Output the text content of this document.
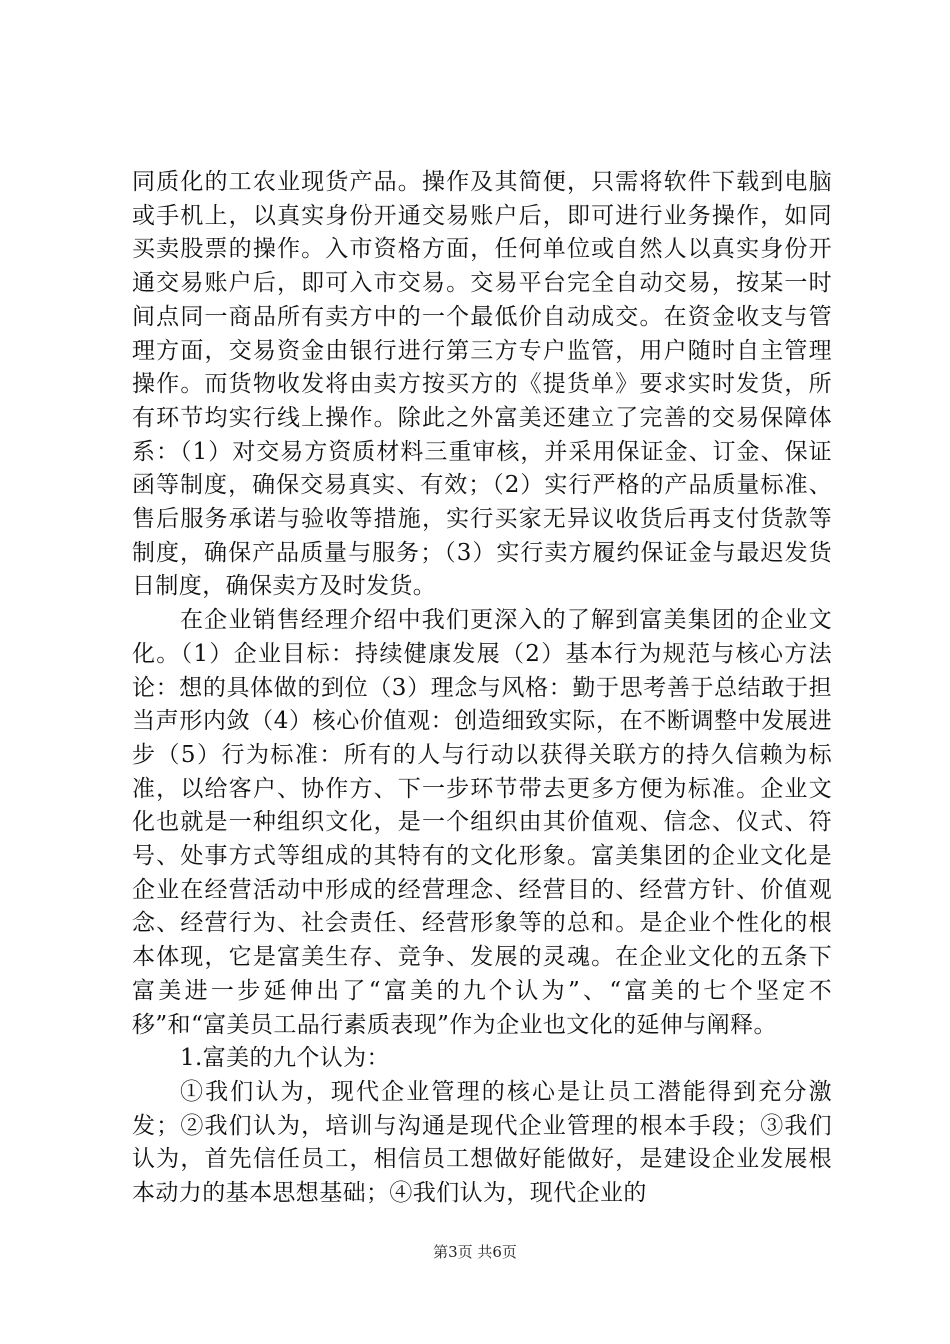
同质化的工农业现货产品。操作及其简便，只需将软件下载到电脑或手机上，以真实身份开通交易账户后，即可进行业务操作，如同买卖股票的操作。入市资格方面，任何单位或自然人以真实身份开通交易账户后，即可入市交易。交易平台完全自动交易，按某一时间点同一商品所有卖方中的一个最低价自动成交。在资金收支与管理方面，交易资金由银行进行第三方专户监管，用户随时自主管理操作。而货物收发将由卖方按买方的《提货单》要求实时发货，所有环节均实行线上操作。除此之外富美还建立了完善的交易保障体系：（1）对交易方资质材料三重审核，并采用保证金、订金、保证函等制度，确保交易真实、有效；（2）实行严格的产品质量标准、售后服务承诺与验收等措施，实行买家无异议收货后再支付货款等制度，确保产品质量与服务；（3）实行卖方履约保证金与最迟发货日制度，确保卖方及时发货。

在企业销售经理介绍中我们更深入的了解到富美集团的企业文化。（1）企业目标：持续健康发展（2）基本行为规范与核心方法论：想的具体做的到位（3）理念与风格：勤于思考善于总结敢于担当声形内敛（4）核心价值观：创造细致实际，在不断调整中发展进步（5）行为标准：所有的人与行动以获得关联方的持久信赖为标准，以给客户、协作方、下一步环节带去更多方便为标准。企业文化也就是一种组织文化，是一个组织由其价值观、信念、仪式、符号、处事方式等组成的其特有的文化形象。富美集团的企业文化是企业在经营活动中形成的经营理念、经营目的、经营方针、价值观念、经营行为、社会责任、经营形象等的总和。是企业个性化的根本体现，它是富美生存、竞争、发展的灵魂。在企业文化的五条下富美进一步延伸出了“富美的九个认为”、“富美的七个坚定不移”和“富美员工品行素质表现”作为企业也文化的延伸与阐释。

1.富美的九个认为：

①我们认为，现代企业管理的核心是让员工潜能得到充分激发；②我们认为，培训与沟通是现代企业管理的根本手段；③我们认为，首先信任员工，相信员工想做好能做好，是建设企业发展根本动力的基本思想基础；④我们认为，现代企业的

第3页 共6页
